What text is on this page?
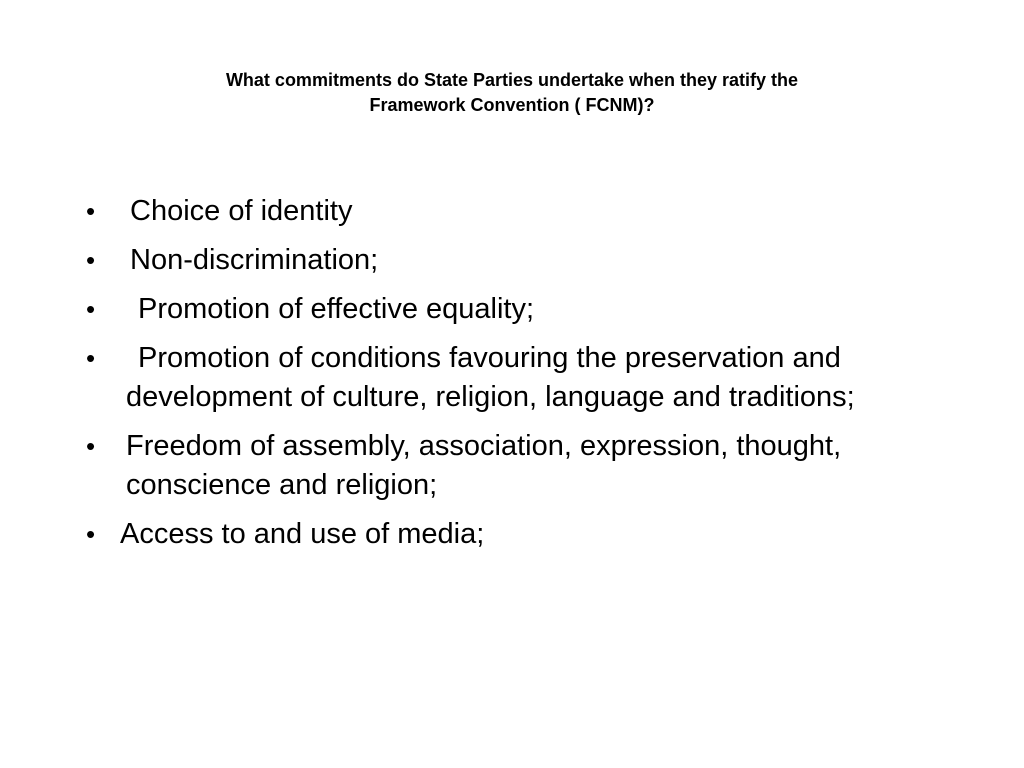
What commitments do State Parties undertake when they ratify the
Framework Convention ( FCNM)?
•	Choice of identity
•	Non-discrimination;
•	Promotion of effective equality;
•	Promotion of conditions favouring the preservation and development of culture, religion, language and traditions;
•	Freedom of assembly, association, expression, thought, conscience and religion;
• Access to and use of media;
